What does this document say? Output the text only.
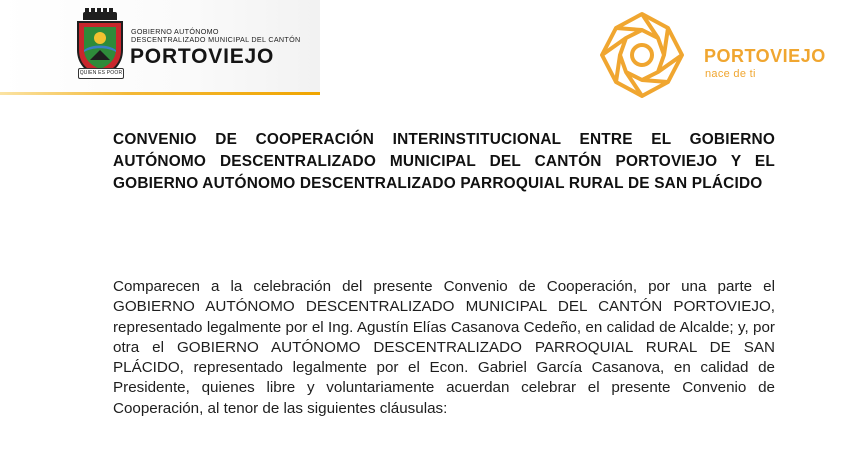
QUIEN ES POOR
GOBIERNO AUTÓNOMO
DESCENTRALIZADO MUNICIPAL DEL CANTÓN
PORTOVIEJO	PORTOVIEJO
nace de ti

CONVENIO DE COOPERACIÓN INTERINSTITUCIONAL ENTRE EL GOBIERNO AUTÓNOMO DESCENTRALIZADO MUNICIPAL DEL CANTÓN PORTOVIEJO Y EL GOBIERNO AUTÓNOMO DESCENTRALIZADO PARROQUIAL RURAL DE SAN PLÁCIDO

Comparecen a la celebración del presente Convenio de Cooperación, por una parte el GOBIERNO AUTÓNOMO DESCENTRALIZADO MUNICIPAL DEL CANTÓN PORTOVIEJO, representado legalmente por el Ing. Agustín Elías Casanova Cedeño, en calidad de Alcalde; y, por otra el GOBIERNO AUTÓNOMO DESCENTRALIZADO PARROQUIAL RURAL DE SAN PLÁCIDO, representado legalmente por el Econ. Gabriel García Casanova, en calidad de Presidente, quienes libre y voluntariamente acuerdan celebrar el presente Convenio de Cooperación, al tenor de las siguientes cláusulas:
